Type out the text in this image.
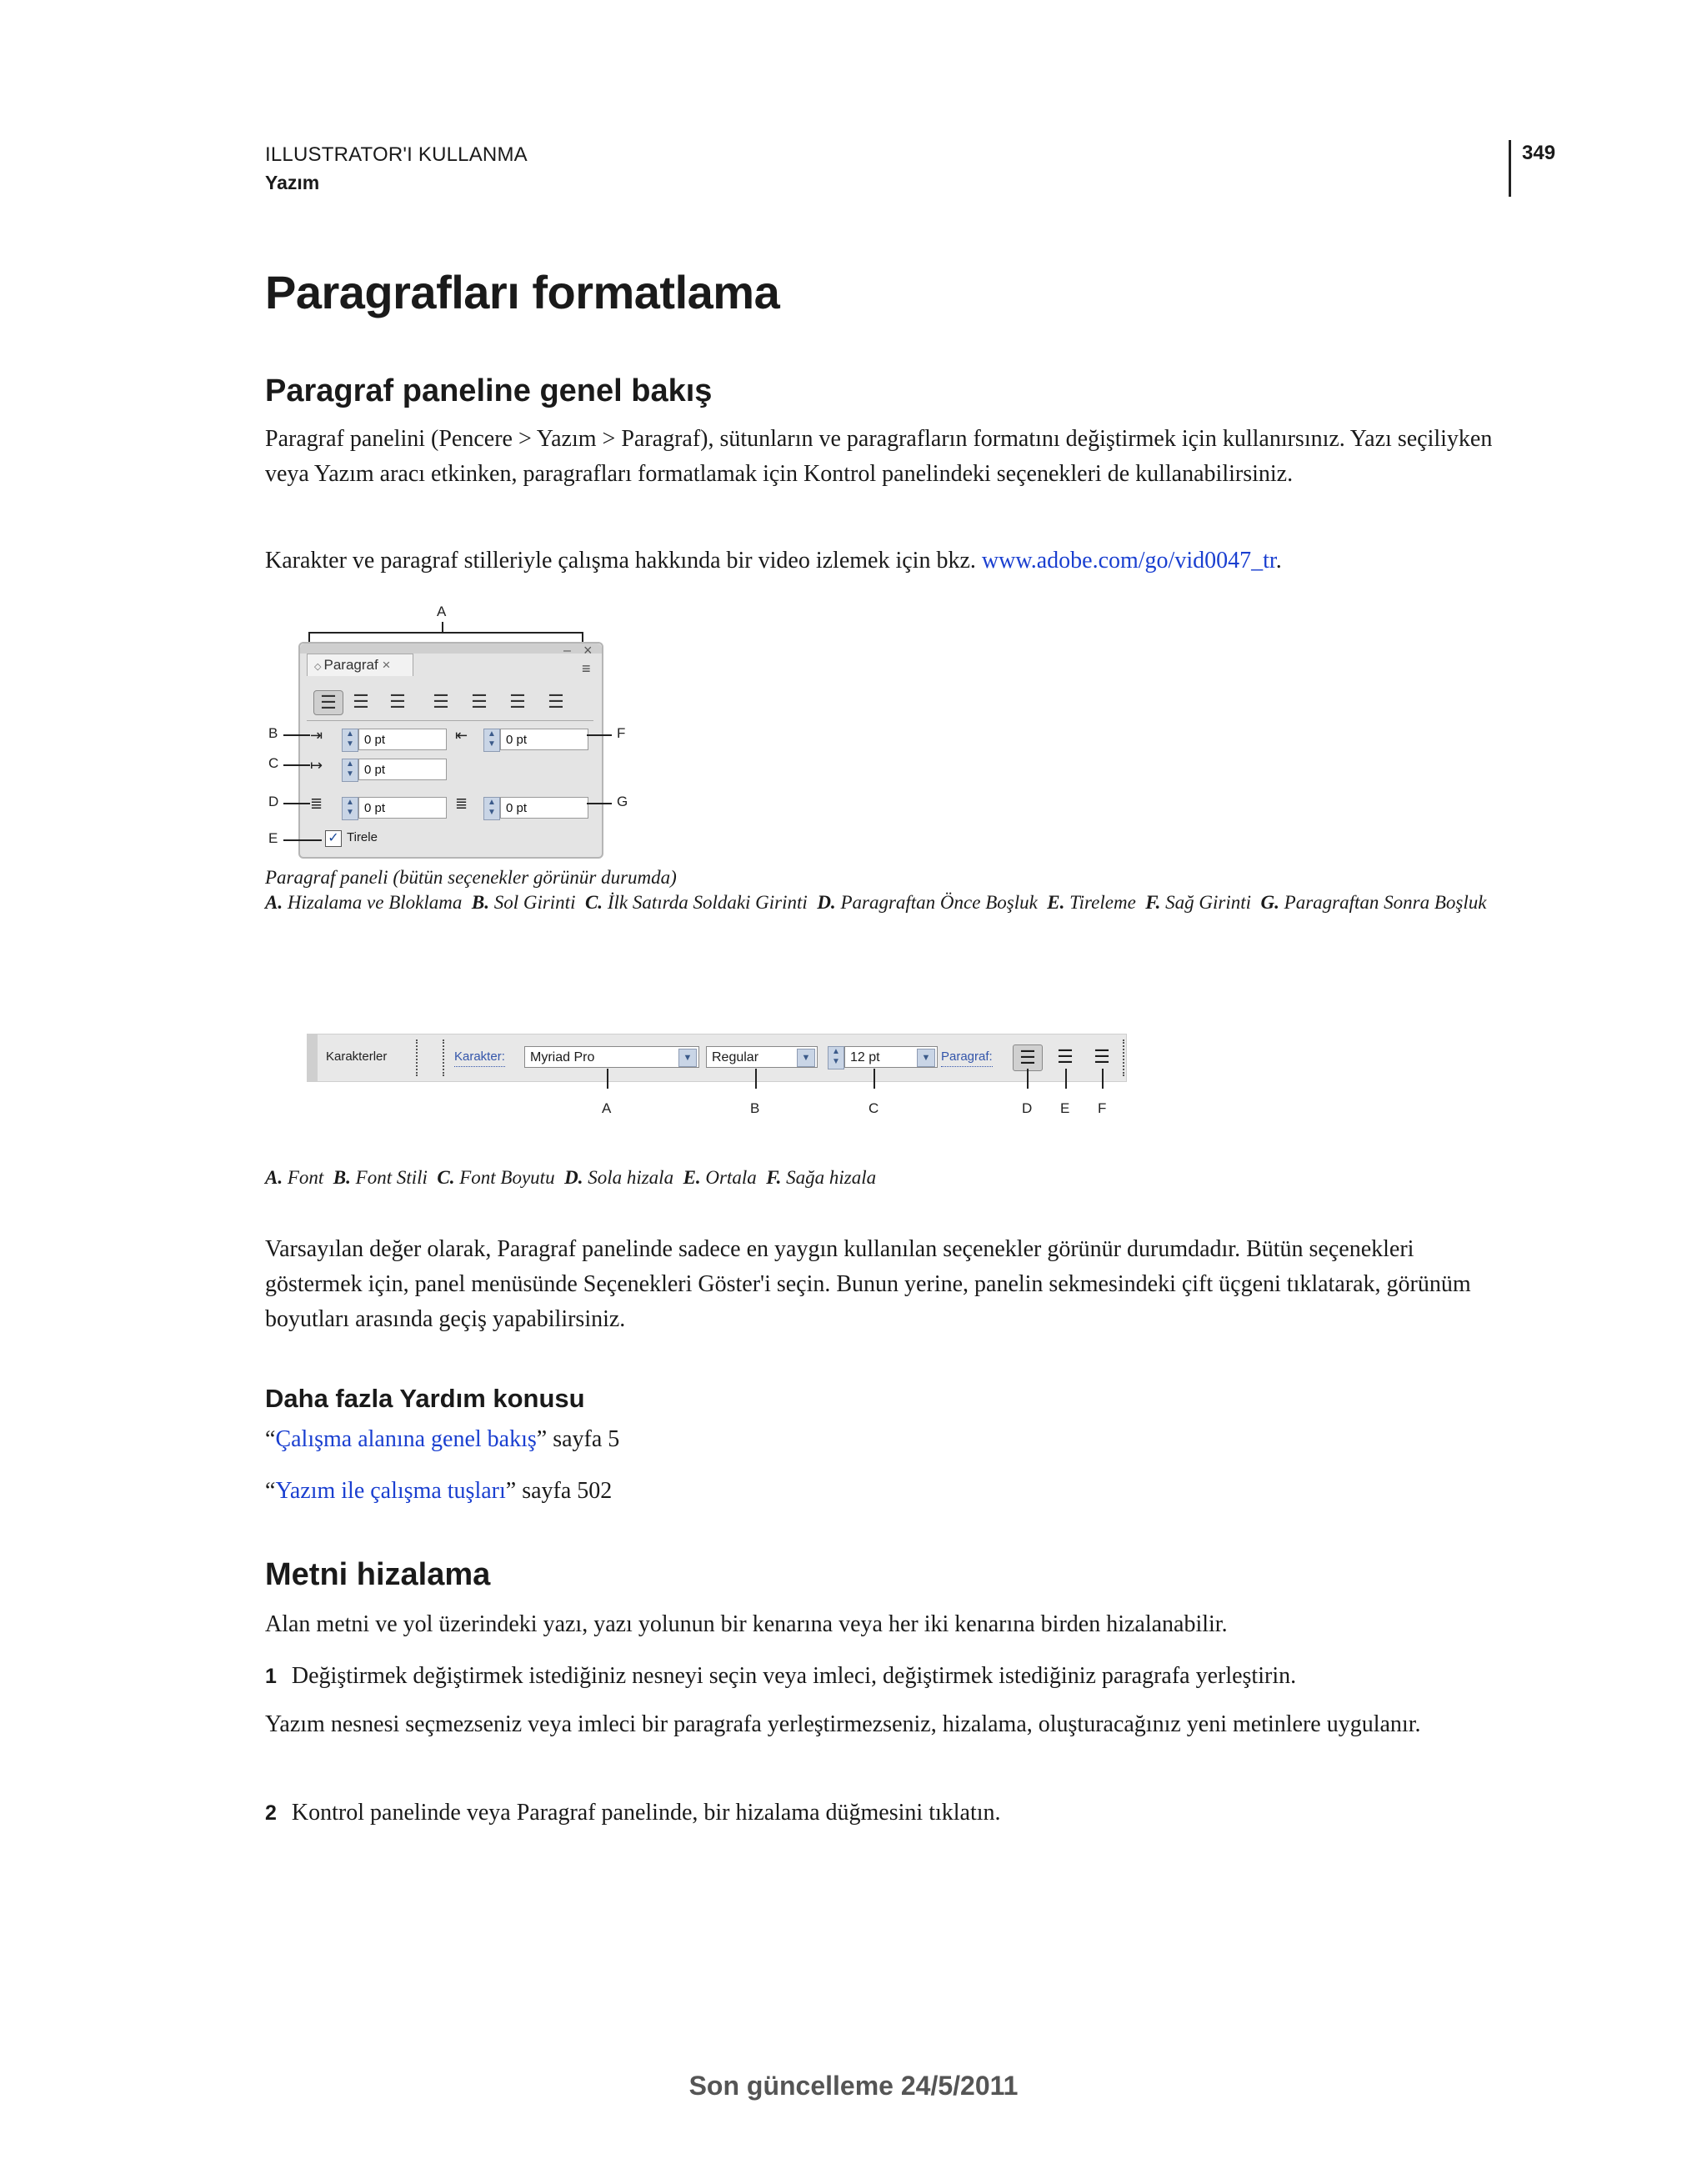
ILLUSTRATOR'I KULLANMA
Yazım
349
Paragrafları formatlama
Paragraf paneline genel bakış
Paragraf panelini (Pencere > Yazım > Paragraf), sütunların ve paragrafların formatını değiştirmek için kullanırsınız. Yazı seçiliyken veya Yazım aracı etkinken, paragrafları formatlamak için Kontrol panelindeki seçenekleri de kullanabilirsiniz.
Karakter ve paragraf stilleriyle çalışma hakkında bir video izlemek için bkz. www.adobe.com/go/vid0047_tr.
A
– ×
◇ Paragraf ×	≡
☰ ☰	☰	☰	☰	☰	☰
⇥	▲
▼ 0 pt	⇤	▲
▼ 0 pt
↦	▲
▼ 0 pt
≣	▲
▼ 0 pt	≣	▲
▼ 0 pt
✓ Tirele
B
C
D
E
F
G
Paragraf paneli (bütün seçenekler görünür durumda)
A. Hizalama ve Bloklama B. Sol Girinti C. İlk Satırda Soldaki Girinti D. Paragraftan Önce Boşluk E. Tireleme F. Sağ Girinti G. Paragraftan Sonra Boşluk
Karakterler	Karakter:	Myriad Pro	▼	Regular	▼
▲
▼ 12 pt	▼ Paragraf:	☰	☰	☰
A	B	C	D E F
A. Font B. Font Stili C. Font Boyutu D. Sola hizala E. Ortala F. Sağa hizala
Varsayılan değer olarak, Paragraf panelinde sadece en yaygın kullanılan seçenekler görünür durumdadır. Bütün seçenekleri göstermek için, panel menüsünde Seçenekleri Göster'i seçin. Bunun yerine, panelin sekmesindeki çift üçgeni tıklatarak, görünüm boyutları arasında geçiş yapabilirsiniz.
Daha fazla Yardım konusu
“Çalışma alanına genel bakış” sayfa 5
“Yazım ile çalışma tuşları” sayfa 502
Metni hizalama
Alan metni ve yol üzerindeki yazı, yazı yolunun bir kenarına veya her iki kenarına birden hizalanabilir.
1 Değiştirmek değiştirmek istediğiniz nesneyi seçin veya imleci, değiştirmek istediğiniz paragrafa yerleştirin.
Yazım nesnesi seçmezseniz veya imleci bir paragrafa yerleştirmezseniz, hizalama, oluşturacağınız yeni metinlere uygulanır.
2 Kontrol panelinde veya Paragraf panelinde, bir hizalama düğmesini tıklatın.
Son güncelleme 24/5/2011
